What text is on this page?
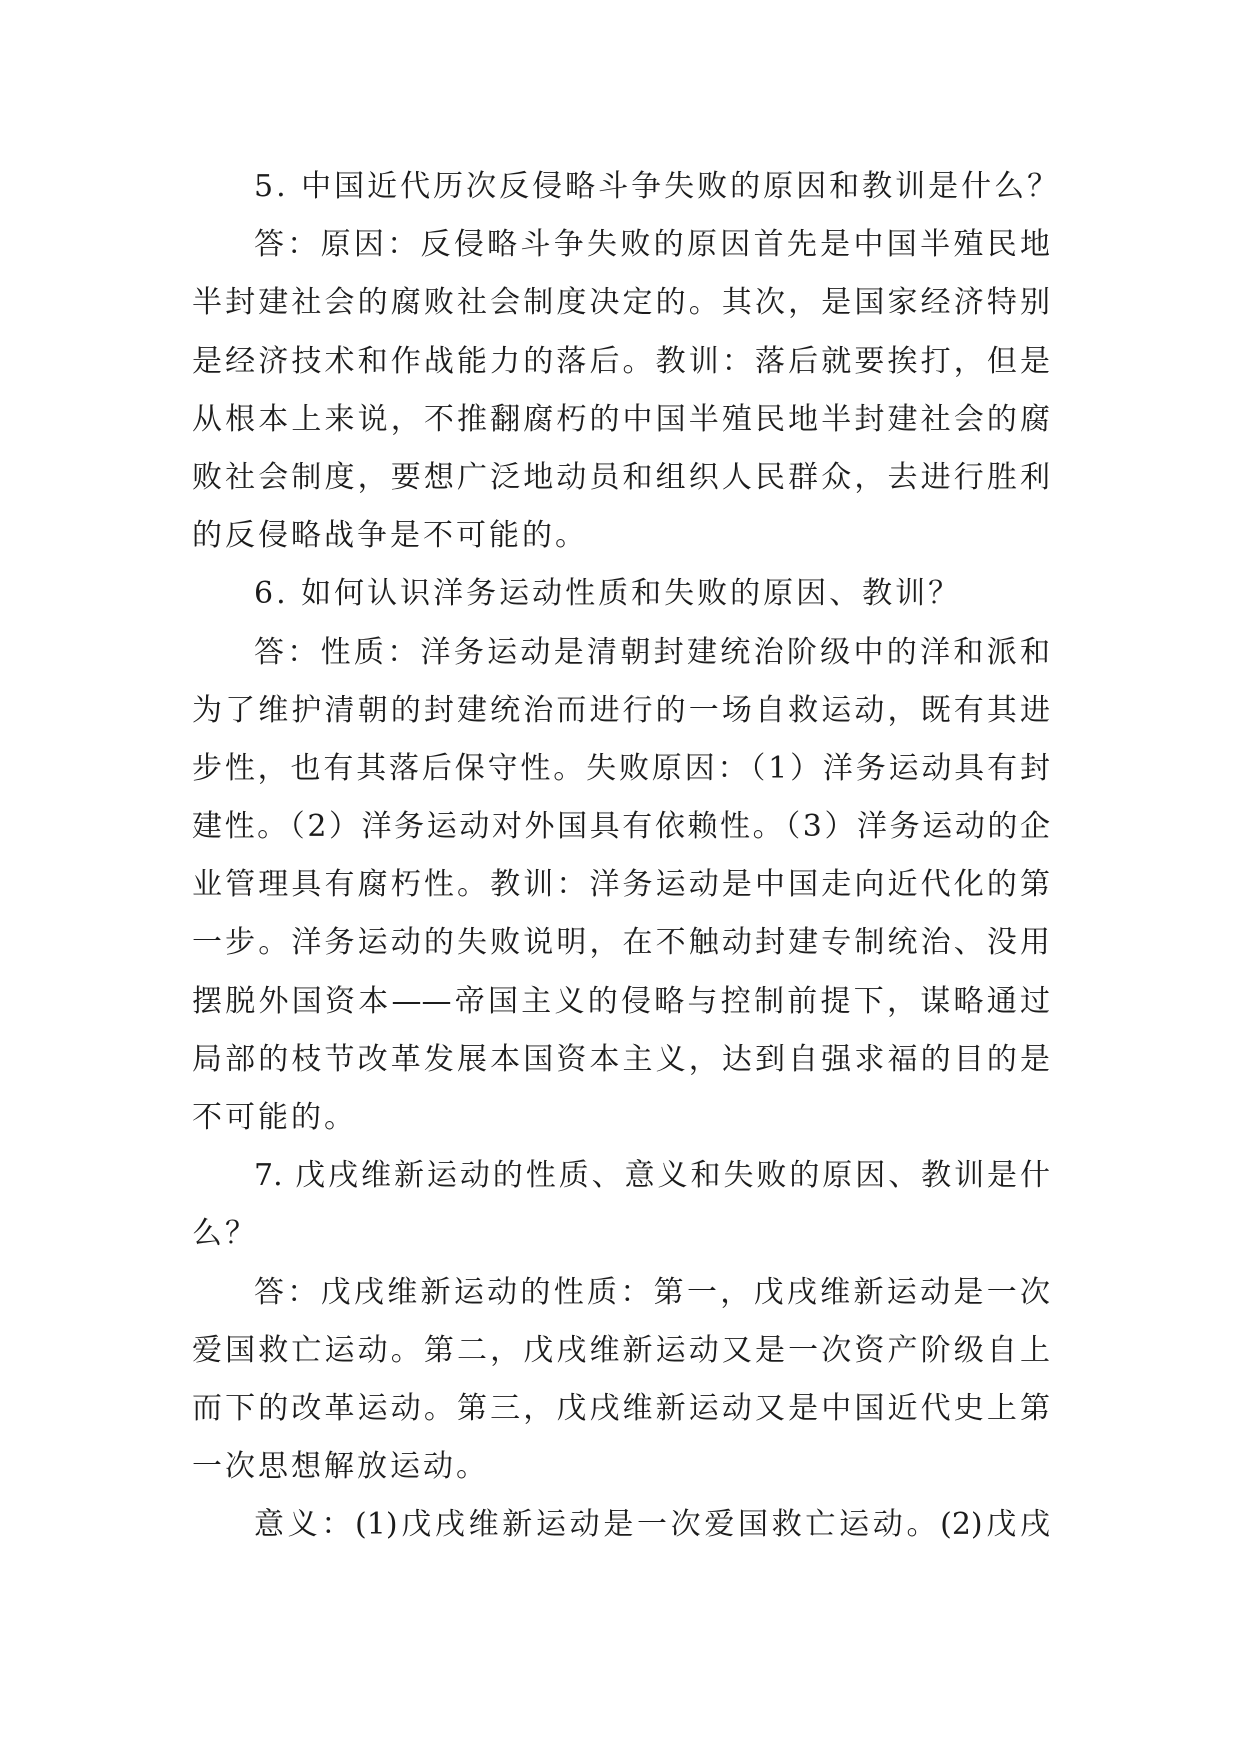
5. 中国近代历次反侵略斗争失败的原因和教训是什么？
答：原因：反侵略斗争失败的原因首先是中国半殖民地
半封建社会的腐败社会制度决定的。其次，是国家经济特别
是经济技术和作战能力的落后。教训：落后就要挨打，但是
从根本上来说，不推翻腐朽的中国半殖民地半封建社会的腐
败社会制度，要想广泛地动员和组织人民群众，去进行胜利
的反侵略战争是不可能的。
6. 如何认识洋务运动性质和失败的原因、教训？
答：性质：洋务运动是清朝封建统治阶级中的洋和派和
为了维护清朝的封建统治而进行的一场自救运动，既有其进
步性，也有其落后保守性。失败原因：（1）洋务运动具有封
建性。（2）洋务运动对外国具有依赖性。（3）洋务运动的企
业管理具有腐朽性。教训：洋务运动是中国走向近代化的第
一步。洋务运动的失败说明，在不触动封建专制统治、没用
摆脱外国资本——帝国主义的侵略与控制前提下，谋略通过
局部的枝节改革发展本国资本主义，达到自强求福的目的是
不可能的。
7. 戊戌维新运动的性质、意义和失败的原因、教训是什
么？
答：戊戌维新运动的性质：第一，戊戌维新运动是一次
爱国救亡运动。第二，戊戌维新运动又是一次资产阶级自上
而下的改革运动。第三，戊戌维新运动又是中国近代史上第
一次思想解放运动。
意义：(1)戊戌维新运动是一次爱国救亡运动。(2)戊戌
